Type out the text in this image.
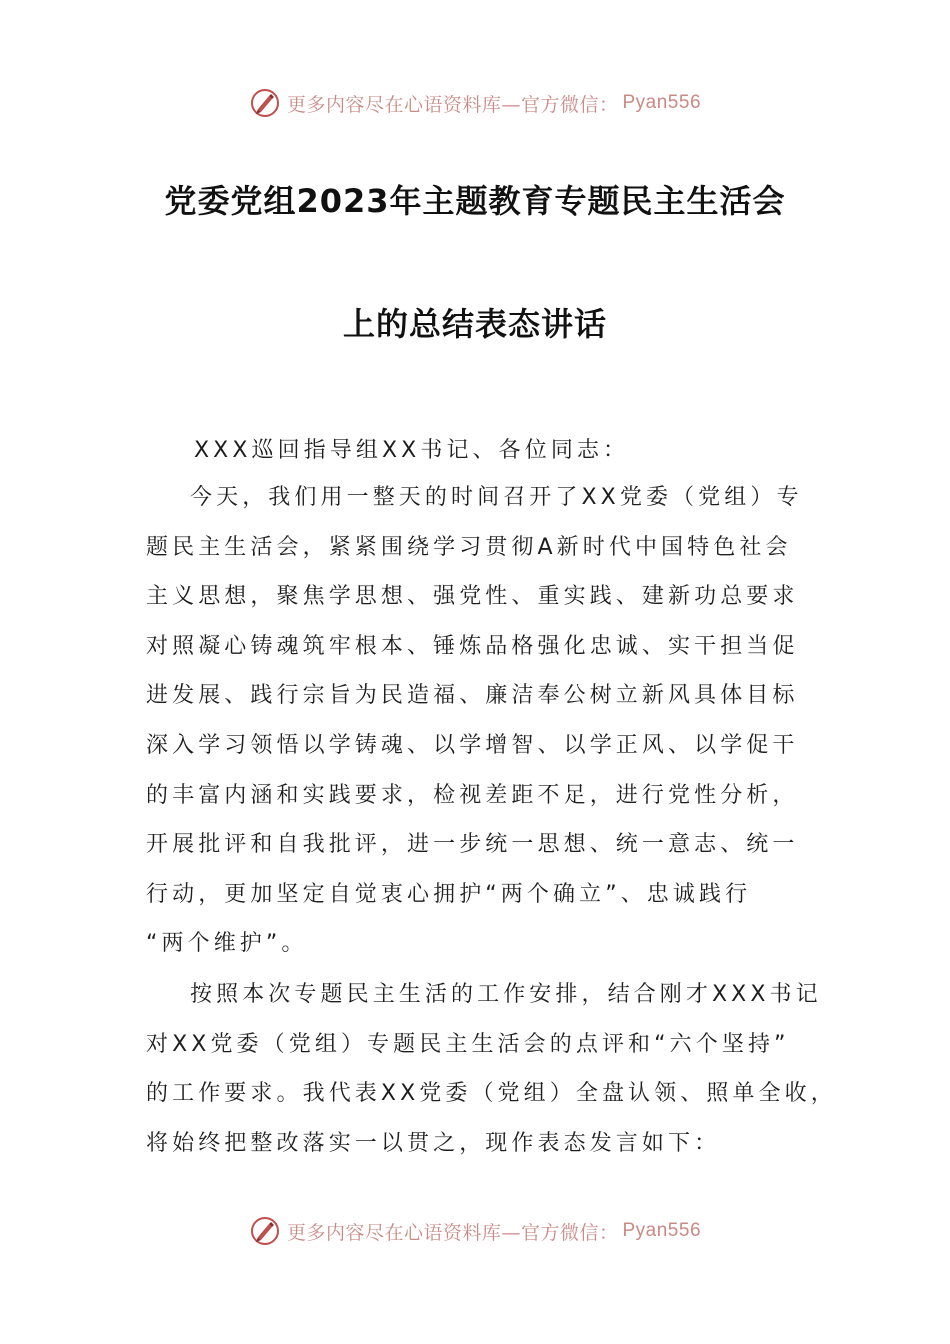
更多内容尽在心语资料库—官方微信： Pyan556
党委党组2023年主题教育专题民主生活会
上的总结表态讲话
XXX巡回指导组XX书记、各位同志：
今天，我们用一整天的时间召开了XX党委（党组）专
题民主生活会，紧紧围绕学习贯彻A新时代中国特色社会
主义思想，聚焦学思想、强党性、重实践、建新功总要求
对照凝心铸魂筑牢根本、锤炼品格强化忠诚、实干担当促
进发展、践行宗旨为民造福、廉洁奉公树立新风具体目标
深入学习领悟以学铸魂、以学增智、以学正风、以学促干
的丰富内涵和实践要求，检视差距不足，进行党性分析，
开展批评和自我批评，进一步统一思想、统一意志、统一
行动，更加坚定自觉衷心拥护“两个确立”、忠诚践行
“两个维护”。
按照本次专题民主生活的工作安排，结合刚才XXX书记
对XX党委（党组）专题民主生活会的点评和“六个坚持”
的工作要求。我代表XX党委（党组）全盘认领、照单全收，
将始终把整改落实一以贯之，现作表态发言如下：
更多内容尽在心语资料库—官方微信： Pyan556
